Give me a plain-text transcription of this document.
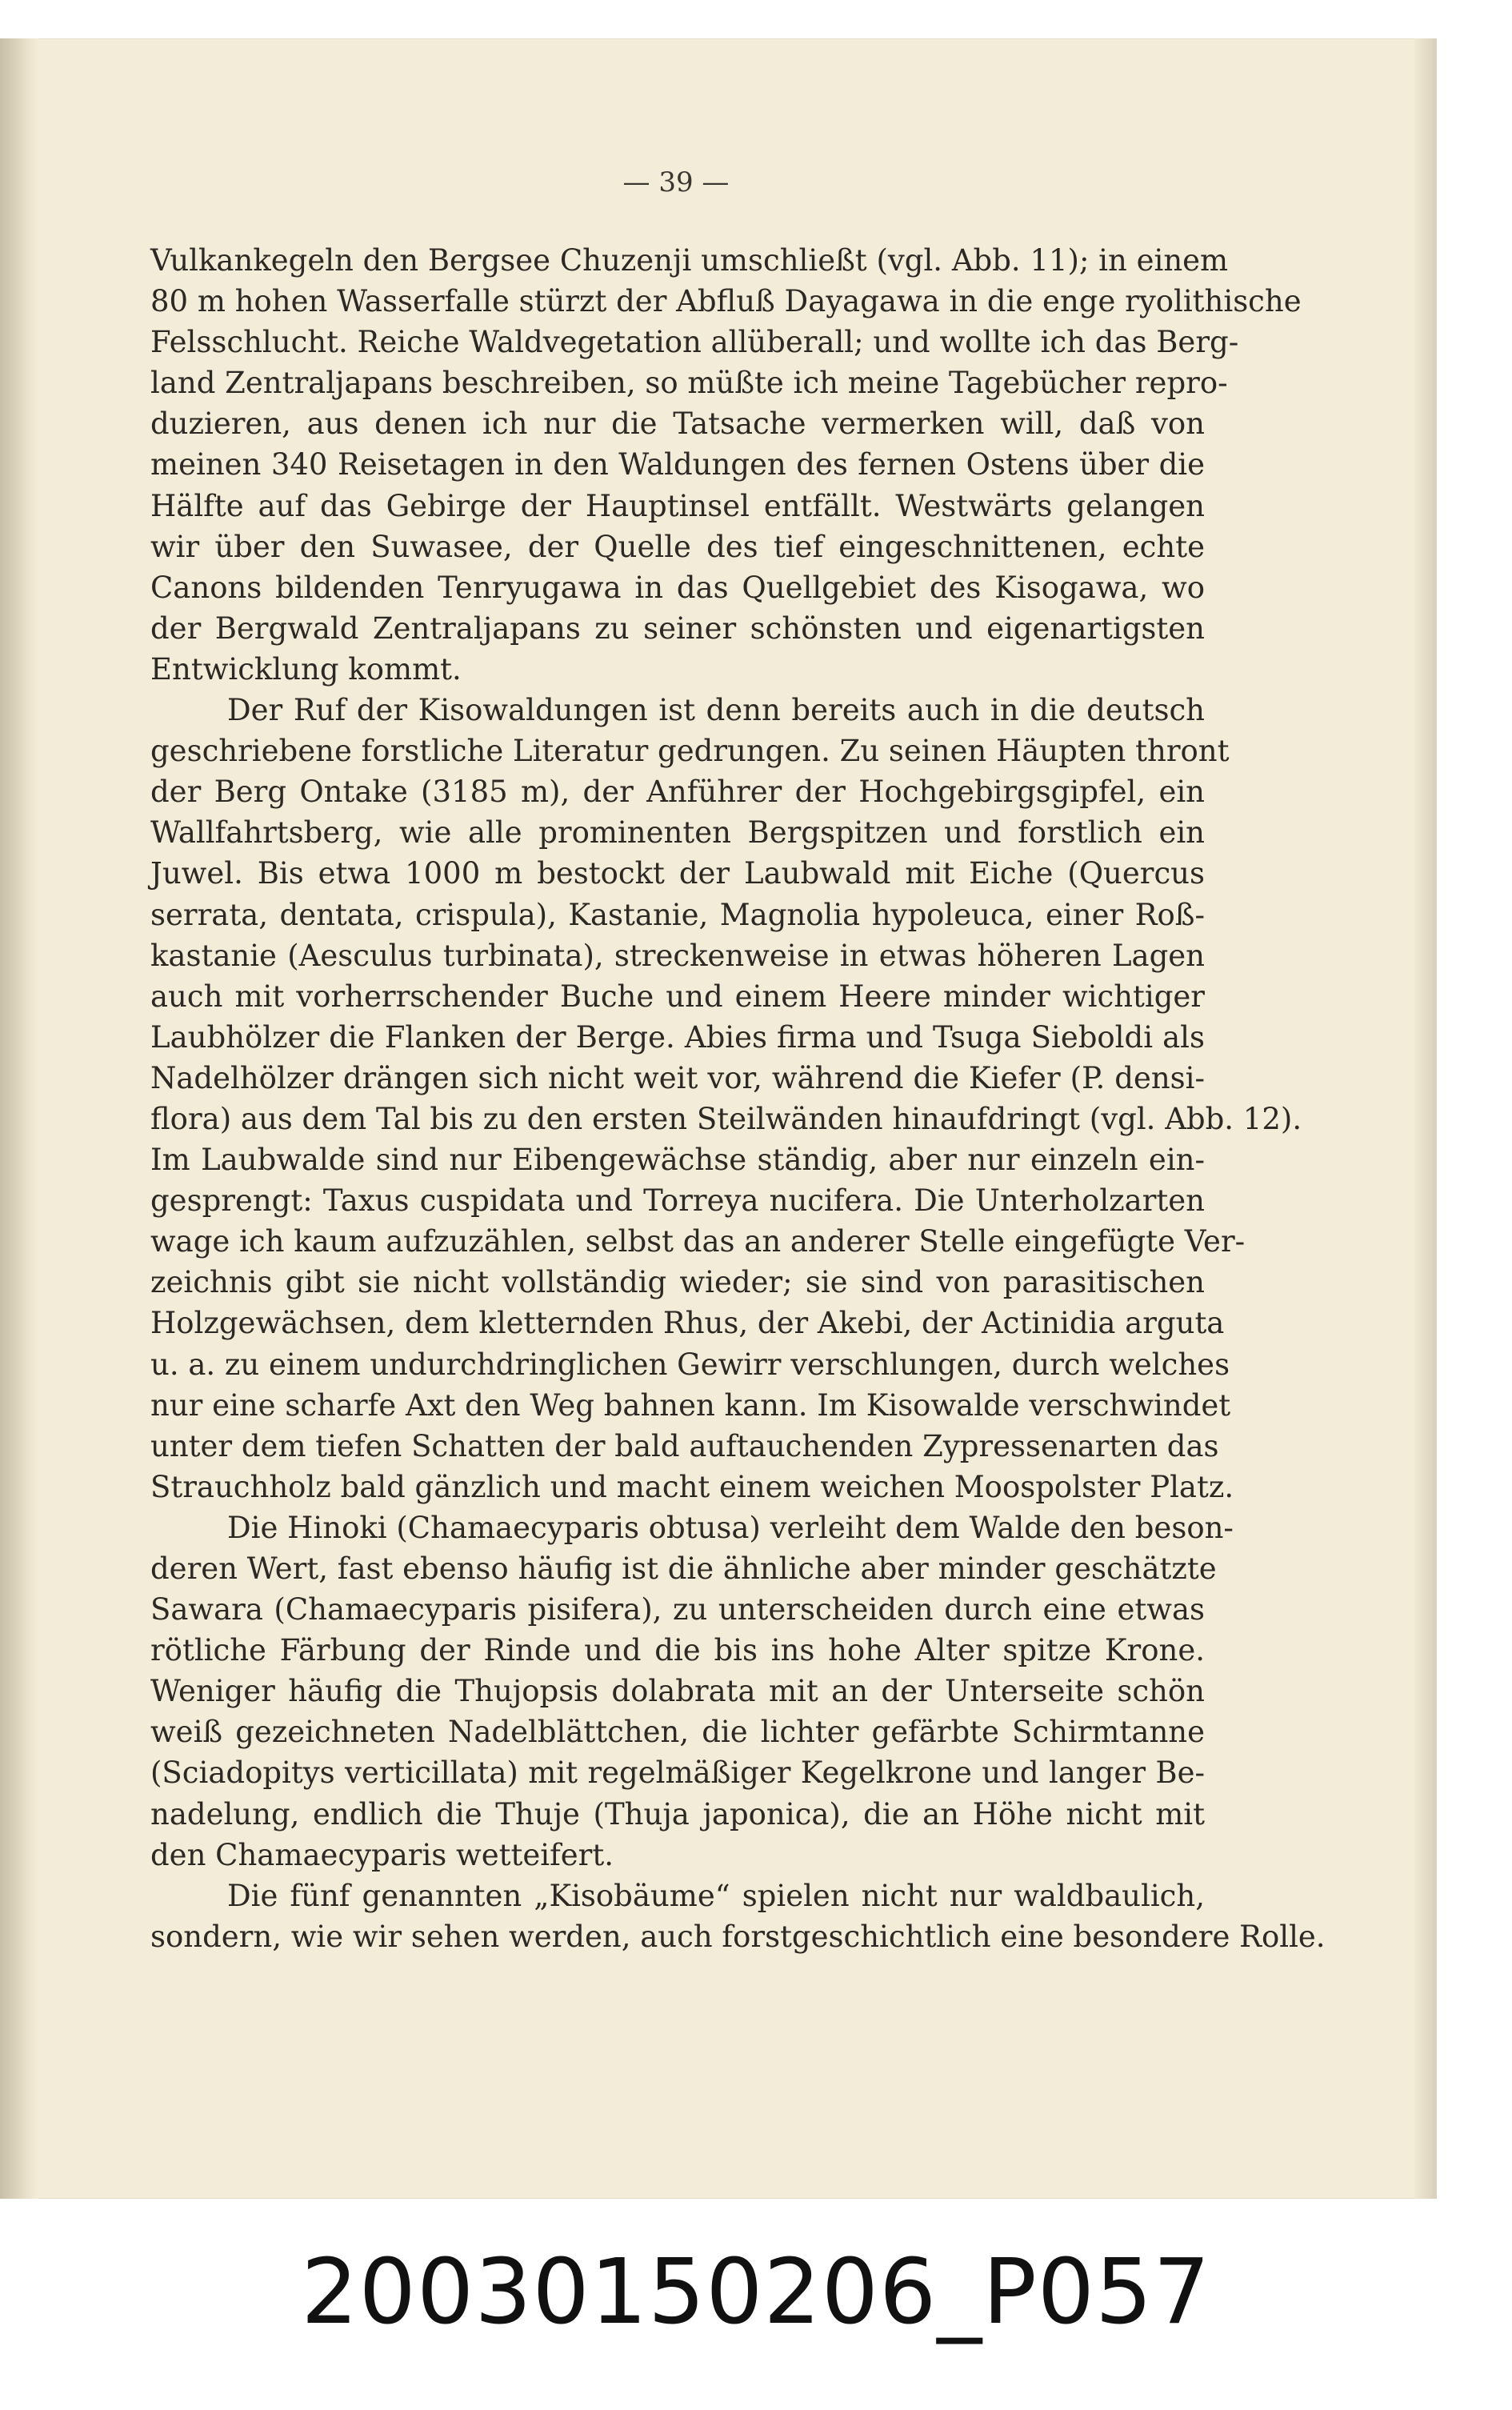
— 39 —
Vulkankegeln den Bergsee Chuzenji umschließt (vgl. Abb. 11); in einem
80 m hohen Wasserfalle stürzt der Abfluß Dayagawa in die enge ryolithische
Felsschlucht. Reiche Waldvegetation allüberall; und wollte ich das Berg-
land Zentraljapans beschreiben, so müßte ich meine Tagebücher repro-
duzieren, aus denen ich nur die Tatsache vermerken will, daß von
meinen 340 Reisetagen in den Waldungen des fernen Ostens über die
Hälfte auf das Gebirge der Hauptinsel entfällt. Westwärts gelangen
wir über den Suwasee, der Quelle des tief eingeschnittenen, echte
Canons bildenden Tenryugawa in das Quellgebiet des Kisogawa, wo
der Bergwald Zentraljapans zu seiner schönsten und eigenartigsten
Entwicklung kommt.
Der Ruf der Kisowaldungen ist denn bereits auch in die deutsch
geschriebene forstliche Literatur gedrungen. Zu seinen Häupten thront
der Berg Ontake (3185 m), der Anführer der Hochgebirgsgipfel, ein
Wallfahrtsberg, wie alle prominenten Bergspitzen und forstlich ein
Juwel. Bis etwa 1000 m bestockt der Laubwald mit Eiche (Quercus
serrata, dentata, crispula), Kastanie, Magnolia hypoleuca, einer Roß-
kastanie (Aesculus turbinata), streckenweise in etwas höheren Lagen
auch mit vorherrschender Buche und einem Heere minder wichtiger
Laubhölzer die Flanken der Berge. Abies firma und Tsuga Sieboldi als
Nadelhölzer drängen sich nicht weit vor, während die Kiefer (P. densi-
flora) aus dem Tal bis zu den ersten Steilwänden hinaufdringt (vgl. Abb. 12).
Im Laubwalde sind nur Eibengewächse ständig, aber nur einzeln ein-
gesprengt: Taxus cuspidata und Torreya nucifera. Die Unterholzarten
wage ich kaum aufzuzählen, selbst das an anderer Stelle eingefügte Ver-
zeichnis gibt sie nicht vollständig wieder; sie sind von parasitischen
Holzgewächsen, dem kletternden Rhus, der Akebi, der Actinidia arguta
u. a. zu einem undurchdringlichen Gewirr verschlungen, durch welches
nur eine scharfe Axt den Weg bahnen kann. Im Kisowalde verschwindet
unter dem tiefen Schatten der bald auftauchenden Zypressenarten das
Strauchholz bald gänzlich und macht einem weichen Moospolster Platz.
Die Hinoki (Chamaecyparis obtusa) verleiht dem Walde den beson-
deren Wert, fast ebenso häufig ist die ähnliche aber minder geschätzte
Sawara (Chamaecyparis pisifera), zu unterscheiden durch eine etwas
rötliche Färbung der Rinde und die bis ins hohe Alter spitze Krone.
Weniger häufig die Thujopsis dolabrata mit an der Unterseite schön
weiß gezeichneten Nadelblättchen, die lichter gefärbte Schirmtanne
(Sciadopitys verticillata) mit regelmäßiger Kegelkrone und langer Be-
nadelung, endlich die Thuje (Thuja japonica), die an Höhe nicht mit
den Chamaecyparis wetteifert.
Die fünf genannten „Kisobäume“ spielen nicht nur waldbaulich,
sondern, wie wir sehen werden, auch forstgeschichtlich eine besondere Rolle.
20030150206_P057
